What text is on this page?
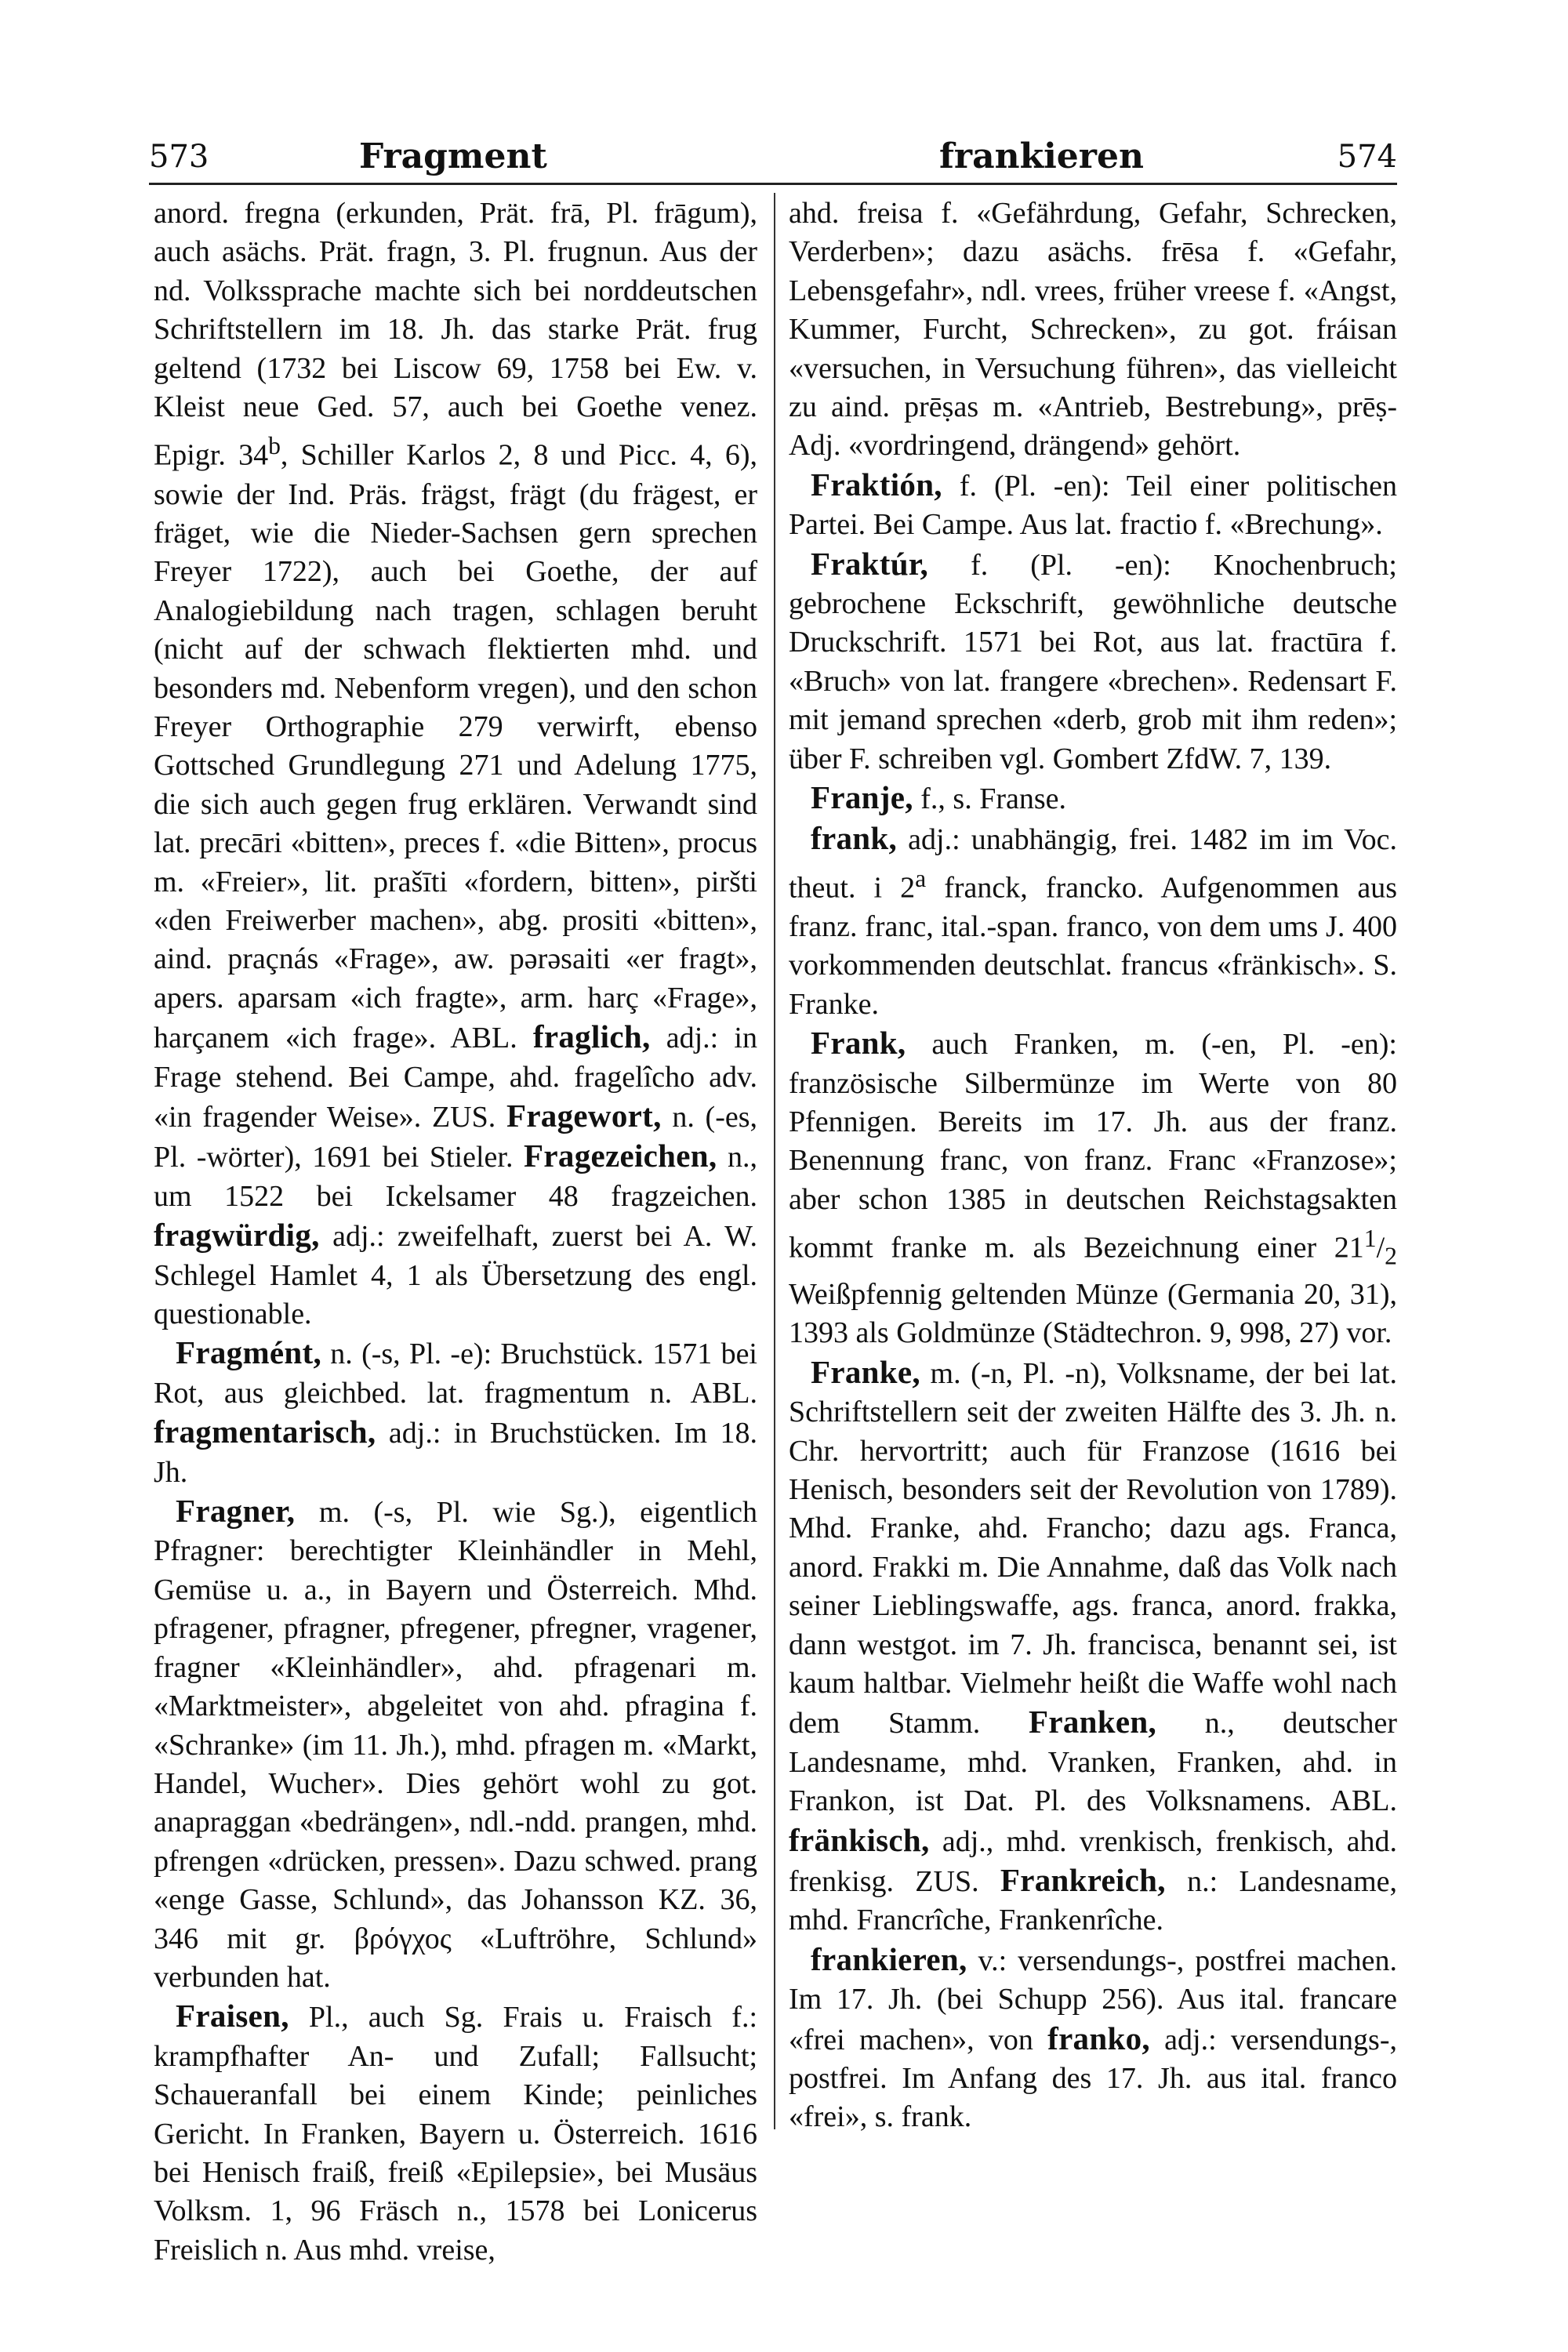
573	Fragment	frankieren	574

anord. fregna (erkunden, Prät. frā, Pl. frāgum), auch asächs. Prät. fragn, 3. Pl. frugnun. Aus der nd. Volkssprache machte sich bei norddeutschen Schriftstellern im 18. Jh. das starke Prät. frug geltend (1732 bei Liscow 69, 1758 bei Ew. v. Kleist neue Ged. 57, auch bei Goethe venez. Epigr. 34$^b$, Schiller Karlos 2, 8 und Picc. 4, 6), sowie der Ind. Präs. frägst, frägt (du frägest, er fräget, wie die Nieder-Sachsen gern sprechen Freyer 1722), auch bei Goethe, der auf Analogiebildung nach tragen, schlagen beruht (nicht auf der schwach flektierten mhd. und besonders md. Nebenform vregen), und den schon Freyer Orthographie 279 verwirft, ebenso Gottsched Grundlegung 271 und Adelung 1775, die sich auch gegen frug erklären. Verwandt sind lat. precāri «bitten», preces f. «die Bitten», procus m. «Freier», lit. prašīti «fordern, bitten», piršti «den Freiwerber machen», abg. prositi «bitten», aind. praçnás «Frage», aw. pərəsaiti «er fragt», apers. aparsam «ich fragte», arm. harç «Frage», harçanem «ich frage». ABL. fraglich, adj.: in Frage stehend. Bei Campe, ahd. fragelîcho adv. «in fragender Weise». ZUS. Fragewort, n. (-es, Pl. -wörter), 1691 bei Stieler. Fragezeichen, n., um 1522 bei Ickelsamer 48 fragzeichen. fragwürdig, adj.: zweifelhaft, zuerst bei A. W. Schlegel Hamlet 4, 1 als Übersetzung des engl. questionable.

Fragmént, n. (-s, Pl. -e): Bruchstück. 1571 bei Rot, aus gleichbed. lat. fragmentum n. ABL. fragmentarisch, adj.: in Bruchstücken. Im 18. Jh.

Fragner, m. (-s, Pl. wie Sg.), eigentlich Pfragner: berechtigter Kleinhändler in Mehl, Gemüse u. a., in Bayern und Österreich. Mhd. pfragener, pfragner, pfregener, pfregner, vragener, fragner «Kleinhändler», ahd. pfragenari m. «Marktmeister», abgeleitet von ahd. pfragina f. «Schranke» (im 11. Jh.), mhd. pfragen m. «Markt, Handel, Wucher». Dies gehört wohl zu got. anapraggan «bedrängen», ndl.-ndd. prangen, mhd. pfrengen «drücken, pressen». Dazu schwed. prang «enge Gasse, Schlund», das Johansson KZ. 36, 346 mit gr. βρόγχος «Luftröhre, Schlund» verbunden hat.

Fraisen, Pl., auch Sg. Frais u. Fraisch f.: krampfhafter An- und Zufall; Fallsucht; Schaueranfall bei einem Kinde; peinliches Gericht. In Franken, Bayern u. Österreich. 1616 bei Henisch fraiß, freiß «Epilepsie», bei Musäus Volksm. 1, 96 Fräsch n., 1578 bei Lonicerus Freislich n. Aus mhd. vreise,

ahd. freisa f. «Gefährdung, Gefahr, Schrecken, Verderben»; dazu asächs. frēsa f. «Gefahr, Lebensgefahr», ndl. vrees, früher vreese f. «Angst, Kummer, Furcht, Schrecken», zu got. fráisan «versuchen, in Versuchung führen», das vielleicht zu aind. prēṣas m. «Antrieb, Bestrebung», prēṣ- Adj. «vordringend, drängend» gehört.

Fraktión, f. (Pl. -en): Teil einer politischen Partei. Bei Campe. Aus lat. fractio f. «Brechung».

Fraktúr, f. (Pl. -en): Knochenbruch; gebrochene Eckschrift, gewöhnliche deutsche Druckschrift. 1571 bei Rot, aus lat. fractūra f. «Bruch» von lat. frangere «brechen». Redensart F. mit jemand sprechen «derb, grob mit ihm reden»; über F. schreiben vgl. Gombert ZfdW. 7, 139.

Franje, f., s. Franse.

frank, adj.: unabhängig, frei. 1482 im im Voc. theut. i 2$^a$ franck, francko. Aufgenommen aus franz. franc, ital.-span. franco, von dem ums J. 400 vorkommenden deutschlat. francus «fränkisch». S. Franke.

Frank, auch Franken, m. (-en, Pl. -en): französische Silbermünze im Werte von 80 Pfennigen. Bereits im 17. Jh. aus der franz. Benennung franc, von franz. Franc «Franzose»; aber schon 1385 in deutschen Reichstagsakten kommt franke m. als Bezeichnung einer $21^1/_2$ Weißpfennig geltenden Münze (Germania 20, 31), 1393 als Goldmünze (Städtechron. 9, 998, 27) vor.

Franke, m. (-n, Pl. -n), Volksname, der bei lat. Schriftstellern seit der zweiten Hälfte des 3. Jh. n. Chr. hervortritt; auch für Franzose (1616 bei Henisch, besonders seit der Revolution von 1789). Mhd. Franke, ahd. Francho; dazu ags. Franca, anord. Frakki m. Die Annahme, daß das Volk nach seiner Lieblingswaffe, ags. franca, anord. frakka, dann westgot. im 7. Jh. francisca, benannt sei, ist kaum haltbar. Vielmehr heißt die Waffe wohl nach dem Stamm. Franken, n., deutscher Landesname, mhd. Vranken, Franken, ahd. in Frankon, ist Dat. Pl. des Volksnamens. ABL. fränkisch, adj., mhd. vrenkisch, frenkisch, ahd. frenkisg. ZUS. Frankreich, n.: Landesname, mhd. Francrîche, Frankenrîche.

frankieren, v.: versendungs-, postfrei machen. Im 17. Jh. (bei Schupp 256). Aus ital. francare «frei machen», von franko, adj.: versendungs-, postfrei. Im Anfang des 17. Jh. aus ital. franco «frei», s. frank.
